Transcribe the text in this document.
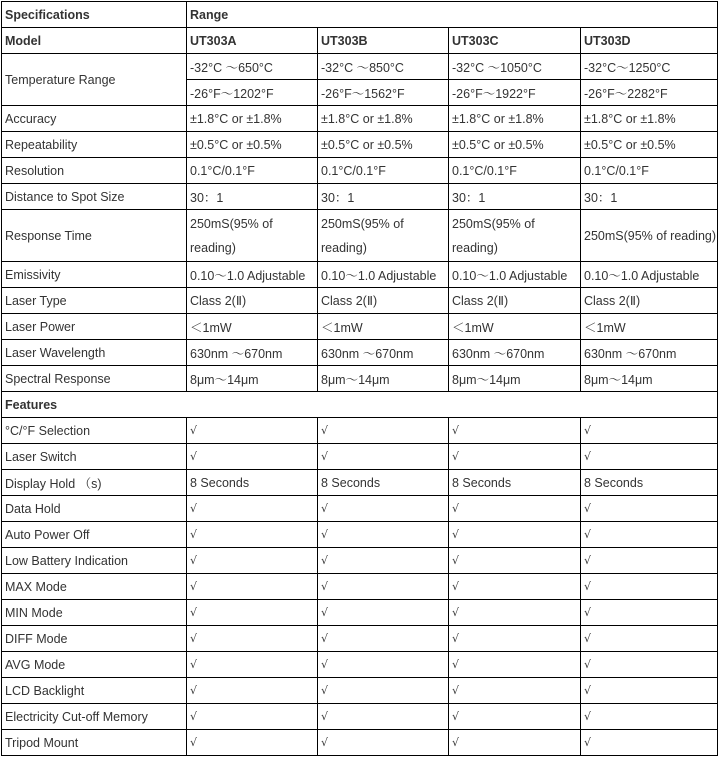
Specifications	Range			
Model	UT303A	UT303B	UT303C	UT303D
Temperature Range	-32°C ～650°C	-32°C ～850°C	-32°C ～1050°C	-32°C～1250°C
	-26°F～1202°F	-26°F～1562°F	-26°F～1922°F	-26°F～2282°F
Accuracy	±1.8°C or ±1.8%	±1.8°C or ±1.8%	±1.8°C or ±1.8%	±1.8°C or ±1.8%
Repeatability	±0.5°C or ±0.5%	±0.5°C or ±0.5%	±0.5°C or ±0.5%	±0.5°C or ±0.5%
Resolution	0.1°C/0.1°F	0.1°C/0.1°F	0.1°C/0.1°F	0.1°C/0.1°F
Distance to Spot Size	30：1	30：1	30：1	30：1
Response Time	250mS(95% of reading)	250mS(95% of reading)	250mS(95% of reading)	250mS(95% of reading)
Emissivity	0.10～1.0 Adjustable	0.10～1.0 Adjustable	0.10～1.0 Adjustable	0.10～1.0 Adjustable
Laser Type	Class 2(Ⅱ)	Class 2(Ⅱ)	Class 2(Ⅱ)	Class 2(Ⅱ)
Laser Power	＜1mW	＜1mW	＜1mW	＜1mW
Laser Wavelength	630nm ～670nm	630nm ～670nm	630nm ～670nm	630nm ～670nm
Spectral Response	8μm～14μm	8μm～14μm	8μm～14μm	8μm～14μm
Features				
°C/°F Selection	√	√	√	√
Laser Switch	√	√	√	√
Display Hold （s)	8 Seconds	8 Seconds	8 Seconds	8 Seconds
Data Hold	√	√	√	√
Auto Power Off	√	√	√	√
Low Battery Indication	√	√	√	√
MAX Mode	√	√	√	√
MIN Mode	√	√	√	√
DIFF Mode	√	√	√	√
AVG Mode	√	√	√	√
LCD Backlight	√	√	√	√
Electricity Cut-off Memory	√	√	√	√
Tripod Mount	√	√	√	√
